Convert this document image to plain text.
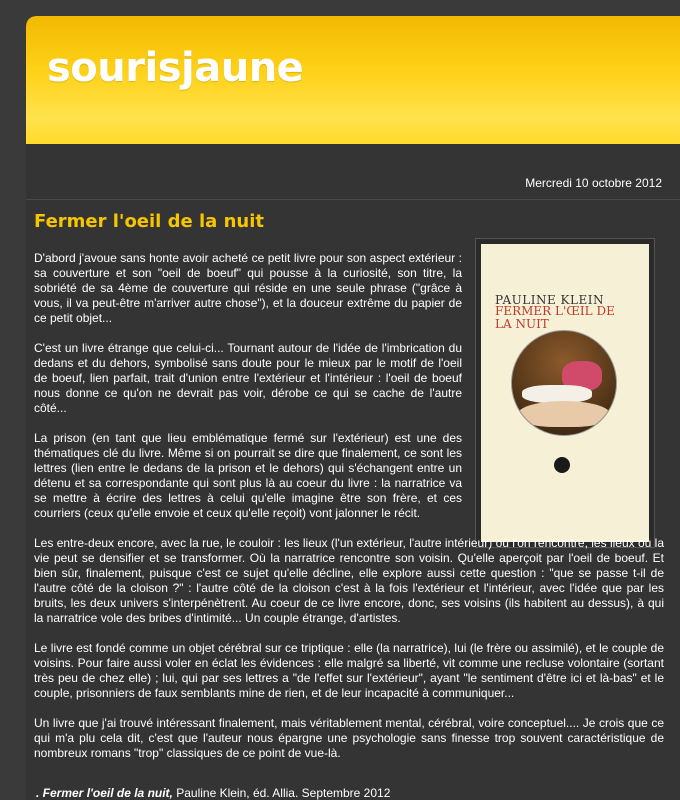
sourisjaune
Mercredi 10 octobre 2012
Fermer l'oeil de la nuit
PAULINE KLEIN
FERMER L'ŒIL DE LA NUIT

D'abord j'avoue sans honte avoir acheté ce petit livre pour son aspect extérieur : sa couverture et son "oeil de boeuf" qui pousse à la curiosité, son titre, la sobriété de sa 4ème de couverture qui réside en une seule phrase ("grâce à vous, il va peut-être m'arriver autre chose"), et la douceur extrême du papier de ce petit objet...

C'est un livre étrange que celui-ci... Tournant autour de l'idée de l'imbrication du dedans et du dehors, symbolisé sans doute pour le mieux par le motif de l'oeil de boeuf, lien parfait, trait d'union entre l'extérieur et l'intérieur : l'oeil de boeuf nous donne ce qu'on ne devrait pas voir, dérobe ce qui se cache de l'autre côté...

La prison (en tant que lieu emblématique fermé sur l'extérieur) est une des thématiques clé du livre. Même si on pourrait se dire que finalement, ce sont les lettres (lien entre le dedans de la prison et le dehors) qui s'échangent entre un détenu et sa correspondante qui sont plus là au coeur du livre : la narratrice va se mettre à écrire des lettres à celui qu'elle imagine être son frère, et ces courriers (ceux qu'elle envoie et ceux qu'elle reçoit) vont jalonner le récit.

Les entre-deux encore, avec la rue, le couloir : les lieux (l'un extérieur, l'autre intérieur) où l'on rencontre, les lieux où la vie peut se densifier et se transformer. Où la narratrice rencontre son voisin. Qu'elle aperçoit par l'oeil de boeuf. Et bien sûr, finalement, puisque c'est ce sujet qu'elle décline, elle explore aussi cette question : "que se passe t-il de l'autre côté de la cloison ?" : l'autre côté de la cloison c'est à la fois l'extérieur et l'intérieur, avec l'idée que par les bruits, les deux univers s'interpénètrent. Au coeur de ce livre encore, donc, ses voisins (ils habitent au dessus), à qui la narratrice vole des bribes d'intimité... Un couple étrange, d'artistes.

Le livre est fondé comme un objet cérébral sur ce triptique : elle (la narratrice), lui (le frère ou assimilé), et le couple de voisins. Pour faire aussi voler en éclat les évidences : elle malgré sa liberté, vit comme une recluse volontaire (sortant très peu de chez elle) ; lui, qui par ses lettres a "de l'effet sur l'extérieur", ayant "le sentiment d'être ici et là-bas" et le couple, prisonniers de faux semblants mine de rien, et de leur incapacité à communiquer...

Un livre que j'ai trouvé intéressant finalement, mais véritablement mental, cérébral, voire conceptuel.... Je crois que ce qui m'a plu cela dit, c'est que l'auteur nous épargne une psychologie sans finesse trop souvent caractéristique de nombreux romans "trop" classiques de ce point de vue-là.

. Fermer l'oeil de la nuit, Pauline Klein, éd. Allia. Septembre 2012
